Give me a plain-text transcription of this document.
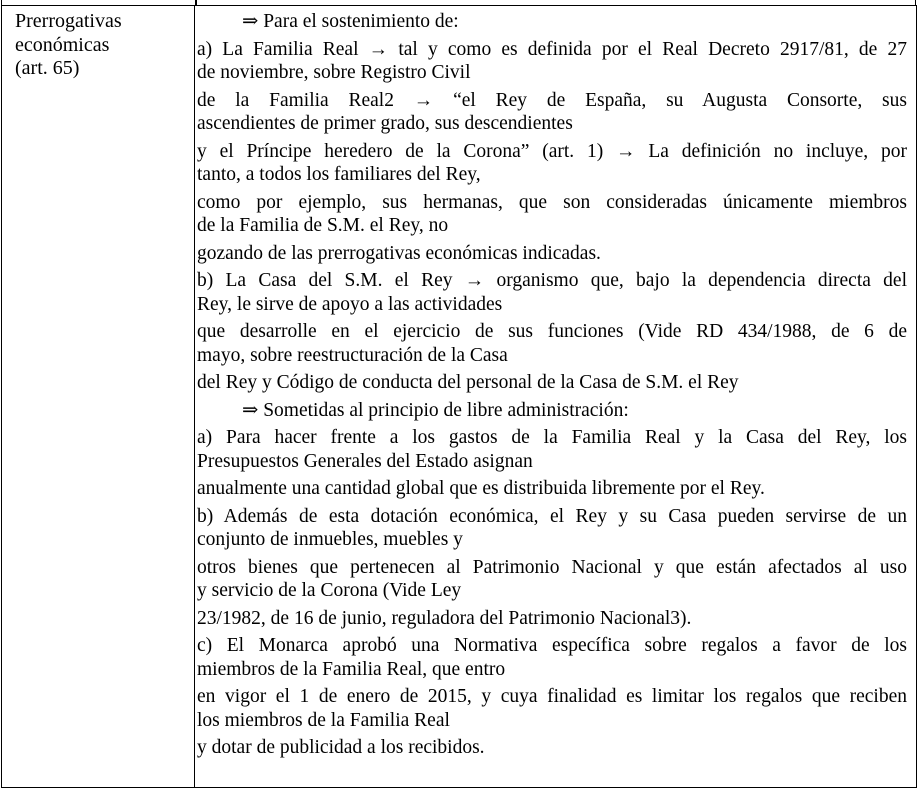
Prerrogativas
económicas
(art. 65)
⇒ Para el sostenimiento de:
a) La Familia Real → tal y como es definida por el Real Decreto 2917/81, de 27
de noviembre, sobre Registro Civil
de la Familia Real2 → “el Rey de España, su Augusta Consorte, sus
ascendientes de primer grado, sus descendientes
y el Príncipe heredero de la Corona” (art. 1) → La definición no incluye, por
tanto, a todos los familiares del Rey,
como por ejemplo, sus hermanas, que son consideradas únicamente miembros
de la Familia de S.M. el Rey, no
gozando de las prerrogativas económicas indicadas.
b) La Casa del S.M. el Rey → organismo que, bajo la dependencia directa del
Rey, le sirve de apoyo a las actividades
que desarrolle en el ejercicio de sus funciones (Vide RD 434/1988, de 6 de
mayo, sobre reestructuración de la Casa
del Rey y Código de conducta del personal de la Casa de S.M. el Rey
⇒ Sometidas al principio de libre administración:
a) Para hacer frente a los gastos de la Familia Real y la Casa del Rey, los
Presupuestos Generales del Estado asignan
anualmente una cantidad global que es distribuida libremente por el Rey.
b) Además de esta dotación económica, el Rey y su Casa pueden servirse de un
conjunto de inmuebles, muebles y
otros bienes que pertenecen al Patrimonio Nacional y que están afectados al uso
y servicio de la Corona (Vide Ley
23/1982, de 16 de junio, reguladora del Patrimonio Nacional3).
c) El Monarca aprobó una Normativa específica sobre regalos a favor de los
miembros de la Familia Real, que entro
en vigor el 1 de enero de 2015, y cuya finalidad es limitar los regalos que reciben
los miembros de la Familia Real
y dotar de publicidad a los recibidos.
